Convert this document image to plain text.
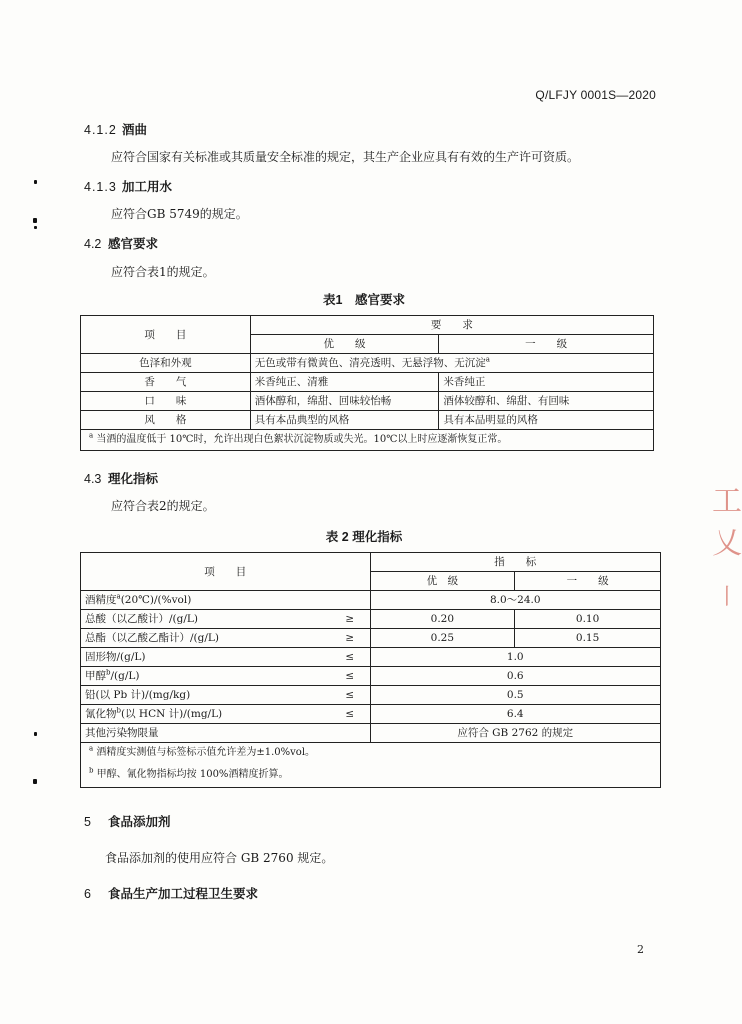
Q/LFJY 0001S—2020
工
乂
丨
4.1.2 酒曲
应符合国家有关标准或其质量安全标准的规定，其生产企业应具有有效的生产许可资质。
4.1.3 加工用水
应符合GB 5749的规定。
4.2 感官要求
应符合表1的规定。
表1　感官要求
项　　目	要　　求	
	优　　级	一　　级
色泽和外观	无色或带有微黄色、清亮透明、无悬浮物、无沉淀$^a$
香　　气	米香纯正、清雅	米香纯正
口　　味	酒体醇和，绵甜、回味较怡畅	酒体较醇和、绵甜、有回味
风　　格	具有本品典型的风格	具有本品明显的风格
$^a$ 当酒的温度低于 10℃时，允许出现白色絮状沉淀物质或失光。10℃以上时应逐渐恢复正常。		
4.3 理化指标
应符合表2的规定。
表 2 理化指标
项　　目		指　　标	
		优　级	一　　级
酒精度$^a$(20℃)/(%vol)		8.0～24.0	
总酸（以乙酸计）/(g/L)	≥	0.20	0.10
总酯（以乙酸乙酯计）/(g/L)	≥	0.25	0.15
固形物/(g/L)	≤	1.0	
甲醇$^b$/(g/L)	≤	0.6	
铅(以 Pb 计)/(mg/kg)	≤	0.5	
氰化物$^b$(以 HCN 计)/(mg/L)	≤	6.4	
其他污染物限量		应符合 GB 2762 的规定	
$^a$ 酒精度实测值与标签标示值允许差为±1.0%vol。			
$^b$ 甲醇、氰化物指标均按 100%酒精度折算。			
5 食品添加剂
食品添加剂的使用应符合 GB 2760 规定。
6 食品生产加工过程卫生要求
2
